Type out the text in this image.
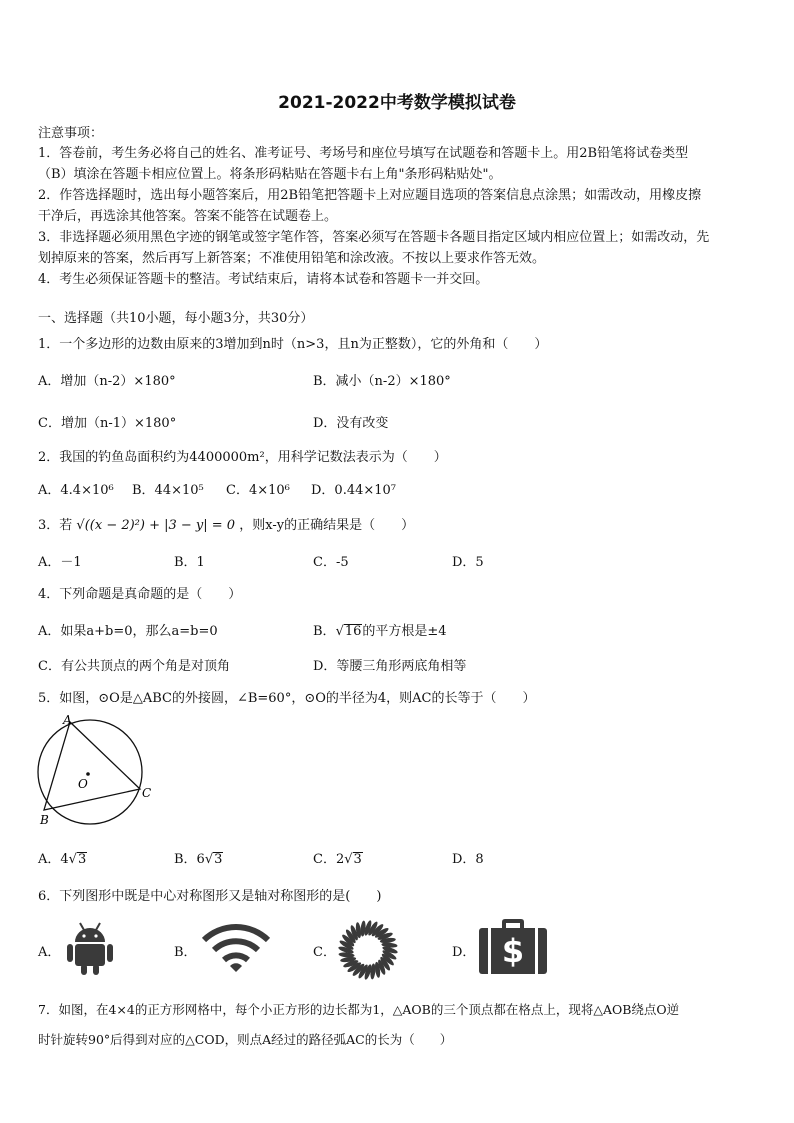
2021-2022中考数学模拟试卷
注意事项：
1．答卷前，考生务必将自己的姓名、准考证号、考场号和座位号填写在试题卷和答题卡上。用2B铅笔将试卷类型
（B）填涂在答题卡相应位置上。将条形码粘贴在答题卡右上角"条形码粘贴处"。
2．作答选择题时，选出每小题答案后，用2B铅笔把答题卡上对应题目选项的答案信息点涂黑；如需改动，用橡皮擦
干净后，再选涂其他答案。答案不能答在试题卷上。
3．非选择题必须用黑色字迹的钢笔或签字笔作答，答案必须写在答题卡各题目指定区域内相应位置上；如需改动，先
划掉原来的答案，然后再写上新答案；不准使用铅笔和涂改液。不按以上要求作答无效。
4．考生必须保证答题卡的整洁。考试结束后，请将本试卷和答题卡一并交回。
一、选择题（共10小题，每小题3分，共30分）
1．一个多边形的边数由原来的3增加到n时（n>3，且n为正整数），它的外角和（　　）
A．增加（n-2）×180°	B．减小（n-2）×180°
C．增加（n-1）×180°	D．没有改变
2．我国的钓鱼岛面积约为4400000m²，用科学记数法表示为（　　）
A．4.4×10⁶ B．44×10⁵ C．4×10⁶ D．0.44×10⁷
3．若 √((x − 2)²) + |3 − y| = 0 ，则x-y的正确结果是（　　）
A．－1	B．1	C．-5	D．5
4．下列命题是真命题的是（　　）
A．如果a+b=0，那么a=b=0	B．√16的平方根是±4
C．有公共顶点的两个角是对顶角	D．等腰三角形两底角相等
5．如图，⊙O是△ABC的外接圆，∠B=60°，⊙O的半径为4，则AC的长等于（　　）
A
O
C
B
A．4√3	B．6√3	C．2√3	D．8
6．下列图形中既是中心对称图形又是轴对称图形的是(　　)
A．	B．	C．	D． $
7．如图，在4×4的正方形网格中，每个小正方形的边长都为1，△AOB的三个顶点都在格点上，现将△AOB绕点O逆
时针旋转90°后得到对应的△COD，则点A经过的路径弧AC的长为（　　）
